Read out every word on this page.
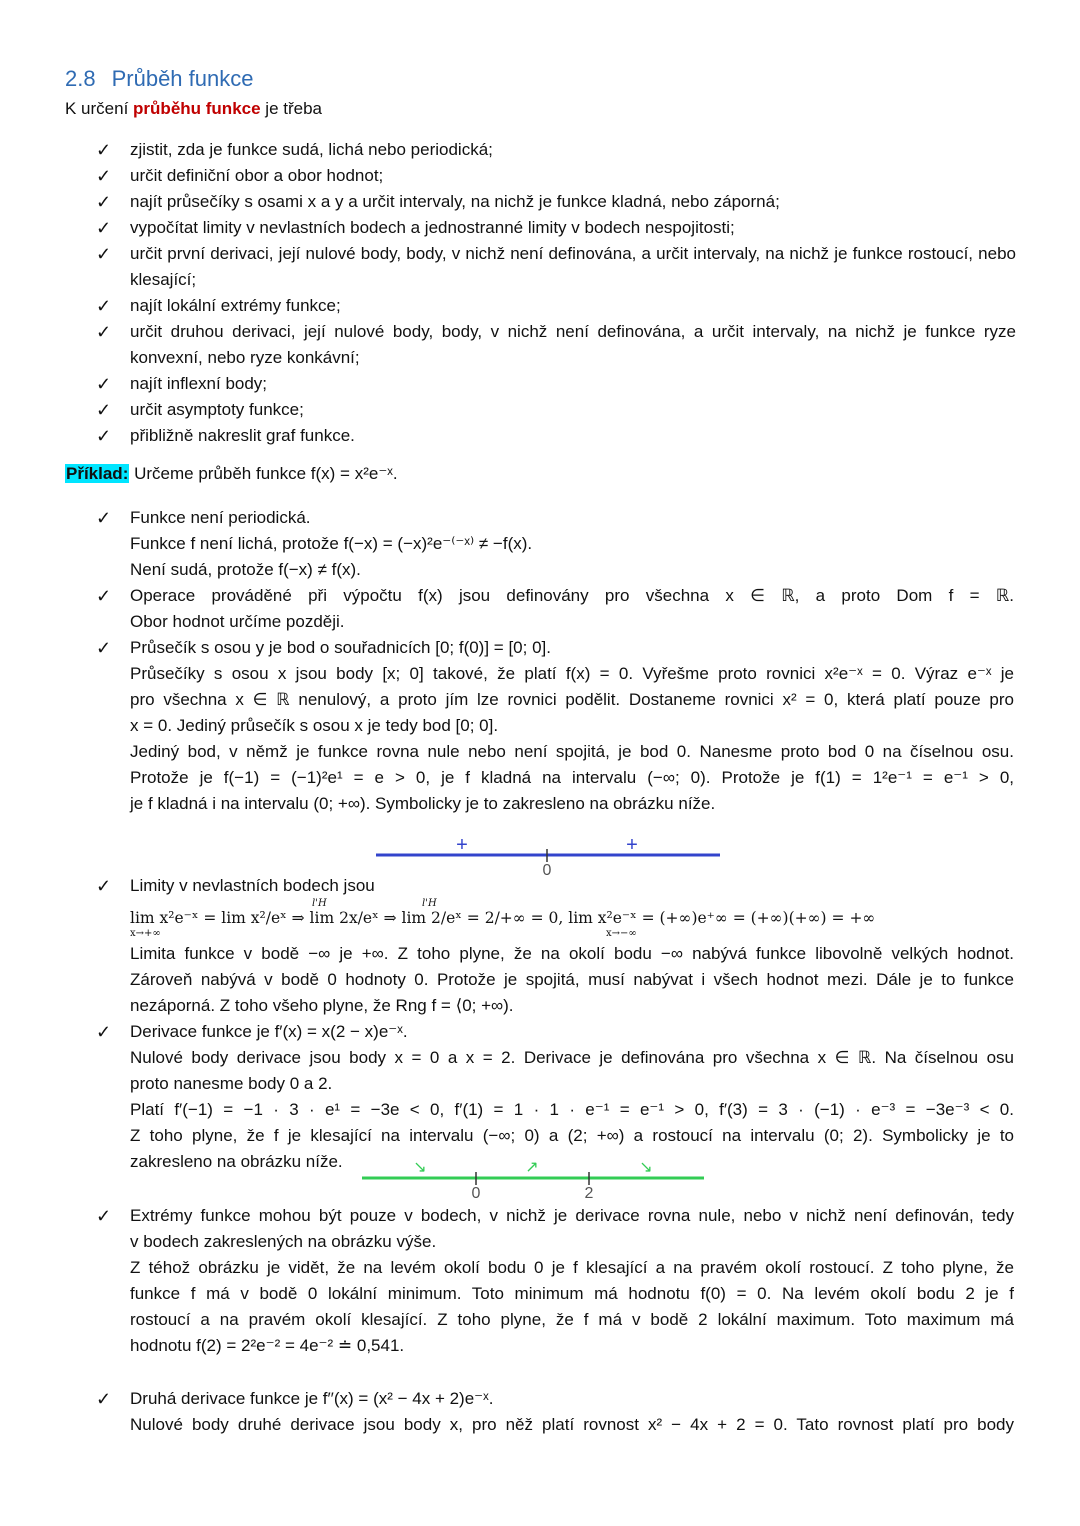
2.8 Průběh funkce
K určení průběhu funkce je třeba
✓ zjistit, zda je funkce sudá, lichá nebo periodická;
✓ určit definiční obor a obor hodnot;
✓ najít průsečíky s osami x a y a určit intervaly, na nichž je funkce kladná, nebo záporná;
✓ vypočítat limity v nevlastních bodech a jednostranné limity v bodech nespojitosti;
✓ určit první derivaci, její nulové body, body, v nichž není definována, a určit intervaly, na nichž je funkce rostoucí, nebo klesající;
✓ najít lokální extrémy funkce;
✓ určit druhou derivaci, její nulové body, body, v nichž není definována, a určit intervaly, na nichž je funkce ryze konvexní, nebo ryze konkávní;
✓ najít inflexní body;
✓ určit asymptoty funkce;
✓ přibližně nakreslit graf funkce.
Příklad: Určeme průběh funkce f(x) = x²e⁻ˣ.
✓ Funkce není periodická.
Funkce f není lichá, protože f(−x) = (−x)²e⁻⁽⁻ˣ⁾ ≠ −f(x).
Není sudá, protože f(−x) ≠ f(x).
✓ Operace prováděné při výpočtu f(x) jsou definovány pro všechna x ∈ ℝ, a proto Dom f = ℝ.
Obor hodnot určíme později.
✓ Průsečík s osou y je bod o souřadnicích [0; f(0)] = [0; 0].
Průsečíky s osou x jsou body [x; 0] takové, že platí f(x) = 0. Vyřešme proto rovnici x²e⁻ˣ = 0. Výraz e⁻ˣ je
pro všechna x ∈ ℝ nenulový, a proto jím lze rovnici podělit. Dostaneme rovnici x² = 0, která platí pouze pro
x = 0. Jediný průsečík s osou x je tedy bod [0; 0].
Jediný bod, v němž je funkce rovna nule nebo není spojitá, je bod 0. Nanesme proto bod 0 na číselnou osu.
Protože je f(−1) = (−1)²e¹ = e > 0, je f kladná na intervalu (−∞; 0). Protože je f(1) = 1²e⁻¹ = e⁻¹ > 0,
je f kladná i na intervalu (0; +∞). Symbolicky je to zakresleno na obrázku níže.
+	+
0
✓ Limity v nevlastních bodech jsou
lim x²e⁻ˣ = lim x²/eˣ ⇒ lim 2x/eˣ ⇒ lim 2/eˣ = 2/+∞ = 0, lim x²e⁻ˣ = (+∞)e⁺∞ = (+∞)(+∞) = +∞
x→+∞	x→−∞
l'H	l'H
Limita funkce v bodě −∞ je +∞. Z toho plyne, že na okolí bodu −∞ nabývá funkce libovolně velkých hodnot.
Zároveň nabývá v bodě 0 hodnoty 0. Protože je spojitá, musí nabývat i všech hodnot mezi. Dále je to funkce
nezáporná. Z toho všeho plyne, že Rng f = ⟨0; +∞).
✓ Derivace funkce je f′(x) = x(2 − x)e⁻ˣ.
Nulové body derivace jsou body x = 0 a x = 2. Derivace je definována pro všechna x ∈ ℝ. Na číselnou osu
proto nanesme body 0 a 2.
Platí f′(−1) = −1 · 3 · e¹ = −3e < 0, f′(1) = 1 · 1 · e⁻¹ = e⁻¹ > 0, f′(3) = 3 · (−1) · e⁻³ = −3e⁻³ < 0.
Z toho plyne, že f je klesající na intervalu (−∞; 0) a (2; +∞) a rostoucí na intervalu (0; 2). Symbolicky je to
zakresleno na obrázku níže.	↘	↗	↘
0	2
✓ Extrémy funkce mohou být pouze v bodech, v nichž je derivace rovna nule, nebo v nichž není definován, tedy
v bodech zakreslených na obrázku výše.
Z téhož obrázku je vidět, že na levém okolí bodu 0 je f klesající a na pravém okolí rostoucí. Z toho plyne, že
funkce f má v bodě 0 lokální minimum. Toto minimum má hodnotu f(0) = 0. Na levém okolí bodu 2 je f
rostoucí a na pravém okolí klesající. Z toho plyne, že f má v bodě 2 lokální maximum. Toto maximum má
hodnotu f(2) = 2²e⁻² = 4e⁻² ≐ 0,541.
✓ Druhá derivace funkce je f′′(x) = (x² − 4x + 2)e⁻ˣ.
Nulové body druhé derivace jsou body x, pro něž platí rovnost x² − 4x + 2 = 0. Tato rovnost platí pro body
